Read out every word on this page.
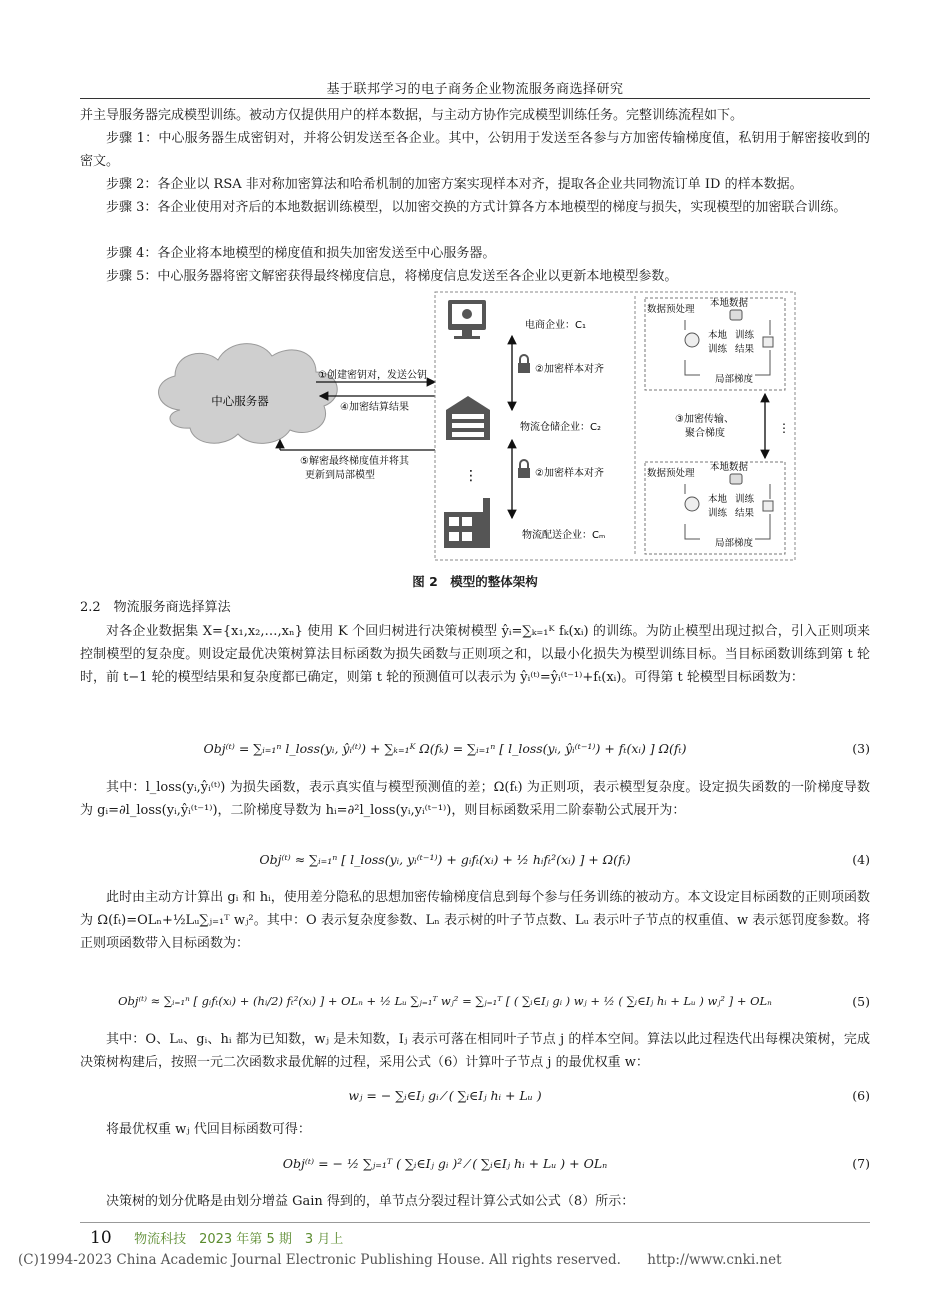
基于联邦学习的电子商务企业物流服务商选择研究

并主导服务器完成模型训练。被动方仅提供用户的样本数据，与主动方协作完成模型训练任务。完整训练流程如下。

步骤 1：中心服务器生成密钥对，并将公钥发送至各企业。其中，公钥用于发送至各参与方加密传输梯度值，私钥用于解密接收到的密文。

步骤 2：各企业以 RSA 非对称加密算法和哈希机制的加密方案实现样本对齐，提取各企业共同物流订单 ID 的样本数据。

步骤 3：各企业使用对齐后的本地数据训练模型，以加密交换的方式计算各方本地模型的梯度与损失，实现模型的加密联合训练。

步骤 4：各企业将本地模型的梯度值和损失加密发送至中心服务器。

步骤 5：中心服务器将密文解密获得最终梯度信息，将梯度信息发送至各企业以更新本地模型参数。

中心服务器
①创建密钥对，发送公钥
④加密结算结果
⑤解密最终梯度值并将其
更新到局部模型	⋮
电商企业：C₁
物流仓储企业：C₂
物流配送企业：Cₘ
②加密样本对齐
②加密样本对齐
数据预处理
本地数据
本地 训练
训练 结果
局部梯度
③加密传输、
聚合梯度	⋮
数据预处理
本地数据
本地 训练
训练 结果
局部梯度
图 2　模型的整体架构
2.2　物流服务商选择算法

对各企业数据集 X={x₁,x₂,…,xₙ} 使用 K 个回归树进行决策树模型 ŷᵢ=∑ₖ₌₁ᴷ fₖ(xᵢ) 的训练。为防止模型出现过拟合，引入正则项来控制模型的复杂度。则设定最优决策树算法目标函数为损失函数与正则项之和，以最小化损失为模型训练目标。当目标函数训练到第 t 轮时，前 t−1 轮的模型结果和复杂度都已确定，则第 t 轮的预测值可以表示为 ŷᵢ⁽ᵗ⁾=ŷᵢ⁽ᵗ⁻¹⁾+fₜ(xᵢ)。可得第 t 轮模型目标函数为：

Obj⁽ᵗ⁾ = ∑ᵢ₌₁ⁿ l_loss(yᵢ, ŷᵢ⁽ᵗ⁾) + ∑ₖ₌₁ᴷ Ω(fₖ) = ∑ᵢ₌₁ⁿ [ l_loss(yᵢ, ŷᵢ⁽ᵗ⁻¹⁾) + fₜ(xᵢ) ] Ω(fₜ)	(3)

其中：l_loss(yᵢ,ŷᵢ⁽ᵗ⁾) 为损失函数，表示真实值与模型预测值的差；Ω(fₜ) 为正则项，表示模型复杂度。设定损失函数的一阶梯度导数为 gᵢ=∂l_loss(yᵢ,ŷᵢ⁽ᵗ⁻¹⁾)，二阶梯度导数为 hᵢ=∂²l_loss(yᵢ,yᵢ⁽ᵗ⁻¹⁾)，则目标函数采用二阶泰勒公式展开为：

Obj⁽ᵗ⁾ ≈ ∑ᵢ₌₁ⁿ [ l_loss(yᵢ, yᵢ⁽ᵗ⁻¹⁾) + gᵢfₜ(xᵢ) + ½ hᵢfₜ²(xᵢ) ] + Ω(fₜ)	(4)

此时由主动方计算出 gᵢ 和 hᵢ，使用差分隐私的思想加密传输梯度信息到每个参与任务训练的被动方。本文设定目标函数的正则项函数为 Ω(fₜ)=OLₙ+½Lᵤ∑ⱼ₌₁ᵀ wⱼ²。其中：O 表示复杂度参数、Lₙ 表示树的叶子节点数、Lᵤ 表示叶子节点的权重值、w 表示惩罚度参数。将正则项函数带入目标函数为：

Obj⁽ᵗ⁾ ≈ ∑ᵢ₌₁ⁿ [ gᵢfₜ(xᵢ) + (hᵢ/2) fₜ²(xᵢ) ] + OLₙ + ½ Lᵤ ∑ⱼ₌₁ᵀ wⱼ² = ∑ⱼ₌₁ᵀ [ ( ∑ᵢ∈Iⱼ gᵢ ) wⱼ + ½ ( ∑ᵢ∈Iⱼ hᵢ + Lᵤ ) wⱼ² ] + OLₙ	(5)

其中：O、Lᵤ、gᵢ、hᵢ 都为已知数，wⱼ 是未知数，Iⱼ 表示可落在相同叶子节点 j 的样本空间。算法以此过程迭代出每棵决策树，完成决策树构建后，按照一元二次函数求最优解的过程，采用公式（6）计算叶子节点 j 的最优权重 w：

wⱼ = − ∑ᵢ∈Iⱼ gᵢ ⁄ ( ∑ᵢ∈Iⱼ hᵢ + Lᵤ )	(6)

将最优权重 wⱼ 代回目标函数可得：

Obj⁽ᵗ⁾ = − ½ ∑ⱼ₌₁ᵀ ( ∑ᵢ∈Iⱼ gᵢ )² ⁄ ( ∑ᵢ∈Iⱼ hᵢ + Lᵤ ) + OLₙ	(7)

决策树的划分优略是由划分增益 Gain 得到的，单节点分裂过程计算公式如公式（8）所示：

10 物流科技　2023 年第 5 期　3 月上
(C)1994-2023 China Academic Journal Electronic Publishing House. All rights reserved. http://www.cnki.net
